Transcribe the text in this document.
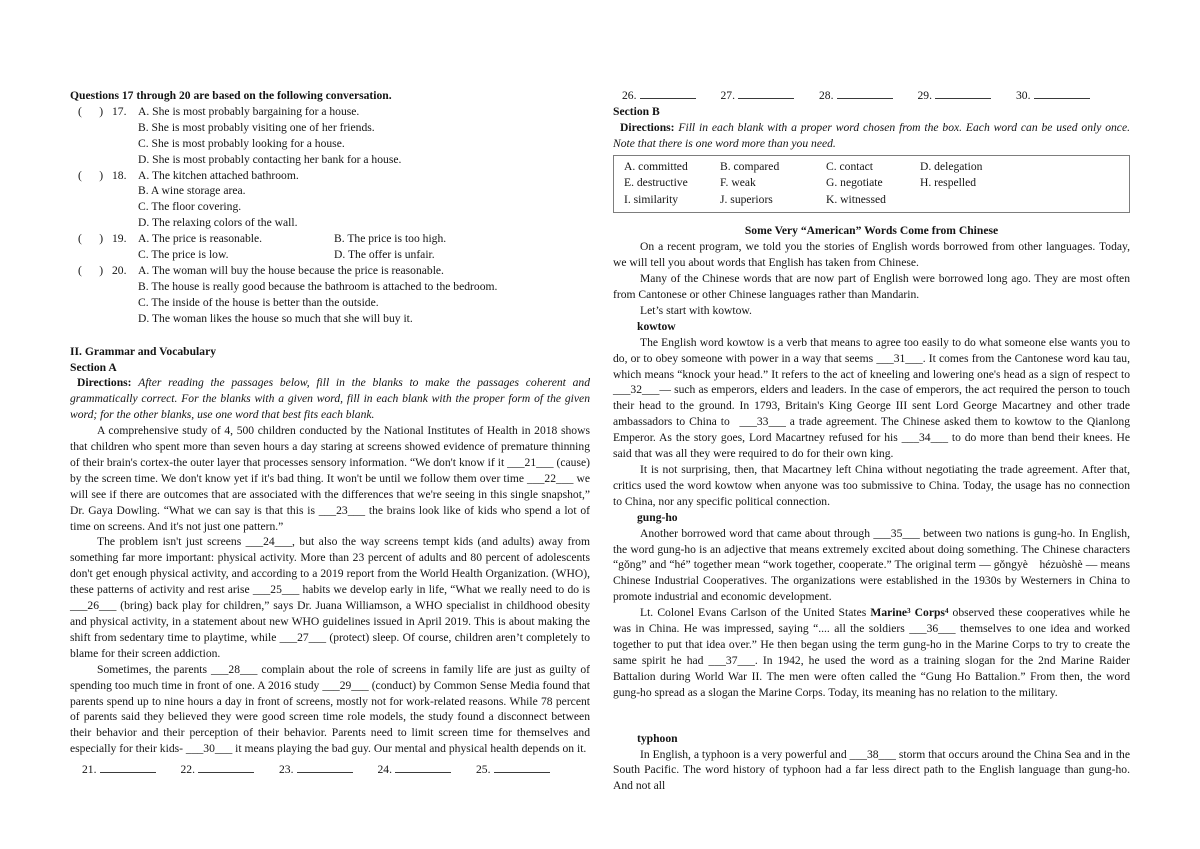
Questions 17 through 20 are based on the following conversation.
(  ) 17. A. She is most probably bargaining for a house.
B. She is most probably visiting one of her friends.
C. She is most probably looking for a house.
D. She is most probably contacting her bank for a house.
(  ) 18. A. The kitchen attached bathroom.
B. A wine storage area.
C. The floor covering.
D. The relaxing colors of the wall.
(  ) 19. A. The price is reasonable.	B. The price is too high.
C. The price is low.	D. The offer is unfair.
(  ) 20. A. The woman will buy the house because the price is reasonable.
B. The house is really good because the bathroom is attached to the bedroom.
C. The inside of the house is better than the outside.
D. The woman likes the house so much that she will buy it.
II. Grammar and Vocabulary
Section A
Directions: After reading the passages below, fill in the blanks to make the passages coherent and grammatically correct. For the blanks with a given word, fill in each blank with the proper form of the given word; for the other blanks, use one word that best fits each blank.
A comprehensive study of 4, 500 children conducted by the National Institutes of Health in 2018 shows that children who spent more than seven hours a day staring at screens showed evidence of premature thinning of their brain's cortex-the outer layer that processes sensory information. “We don't know if it ___21___ (cause) by the screen time. We don't know yet if it's bad thing. It won't be until we follow them over time ___22___ we will see if there are outcomes that are associated with the differences that we're seeing in this single snapshot,” Dr. Gaya Dowling. “What we can say is that this is ___23___ the brains look like of kids who spend a lot of time on screens. And it's not just one pattern.”
The problem isn't just screens ___24___, but also the way screens tempt kids (and adults) away from something far more important: physical activity. More than 23 percent of adults and 80 percent of adolescents don't get enough physical activity, and according to a 2019 report from the World Health Organization. (WHO), these patterns of activity and rest arise ___25___ habits we develop early in life, “What we really need to do is ___26___ (bring) back play for children,” says Dr. Juana Williamson, a WHO specialist in childhood obesity and physical activity, in a statement about new WHO guidelines issued in April 2019. This is about making the shift from sedentary time to playtime, while ___27___ (protect) sleep. Of course, children aren’t completely to blame for their screen addiction.
Sometimes, the parents ___28___ complain about the role of screens in family life are just as guilty of spending too much time in front of one. A 2016 study ___29___ (conduct) by Common Sense Media found that parents spend up to nine hours a day in front of screens, mostly not for work-related reasons. While 78 percent of parents said they believed they were good screen time role models, the study found a disconnect between their behavior and their perception of their behavior. Parents need to limit screen time for themselves and especially for their kids- ___30___ it means playing the bad guy. Our mental and physical health depends on it.
21.	22.	23.	24.	25.
26.	27.	28.	29.	30.
Section B
Directions: Fill in each blank with a proper word chosen from the box. Each word can be used only once. Note that there is one word more than you need.
A. committed	B. compared	C. contact	D. delegation
E. destructive	F. weak	G. negotiate	H. respelled
I. similarity	J. superiors	K. witnessed
Some Very “American” Words Come from Chinese
On a recent program, we told you the stories of English words borrowed from other languages. Today, we will tell you about words that English has taken from Chinese.
Many of the Chinese words that are now part of English were borrowed long ago. They are most often from Cantonese or other Chinese languages rather than Mandarin.
Let’s start with kowtow.
kowtow
The English word kowtow is a verb that means to agree too easily to do what someone else wants you to do, or to obey someone with power in a way that seems ___31___. It comes from the Cantonese word kau tau, which means “knock your head.” It refers to the act of kneeling and lowering one's head as a sign of respect to ___32___— such as emperors, elders and leaders. In the case of emperors, the act required the person to touch their head to the ground. In 1793, Britain's King George III sent Lord George Macartney and other trade ambassadors to China to  ___33___ a trade agreement. The Chinese asked them to kowtow to the Qianlong Emperor. As the story goes, Lord Macartney refused for his ___34___ to do more than bend their knees. He said that was all they were required to do for their own king.
It is not surprising, then, that Macartney left China without negotiating the trade agreement. After that, critics used the word kowtow when anyone was too submissive to China. Today, the usage has no connection to China, nor any specific political connection.
gung-ho
Another borrowed word that came about through ___35___ between two nations is gung-ho. In English, the word gung-ho is an adjective that means extremely excited about doing something. The Chinese characters “gǒng” and “hé” together mean “work together, cooperate.” The original term — gǒngyè hézuòshè — means Chinese Industrial Cooperatives. The organizations were established in the 1930s by Westerners in China to promote industrial and economic development.
Lt. Colonel Evans Carlson of the United States Marine³ Corps⁴ observed these cooperatives while he was in China. He was impressed, saying “.... all the soldiers ___36___ themselves to one idea and worked together to put that idea over.” He then began using the term gung-ho in the Marine Corps to try to create the same spirit he had ___37___. In 1942, he used the word as a training slogan for the 2nd Marine Raider Battalion during World War II. The men were often called the “Gung Ho Battalion.” From then, the word gung-ho spread as a slogan the Marine Corps. Today, its meaning has no relation to the military.
typhoon
In English, a typhoon is a very powerful and ___38___ storm that occurs around the China Sea and in the South Pacific. The word history of typhoon had a far less direct path to the English language than gung-ho. And not all
